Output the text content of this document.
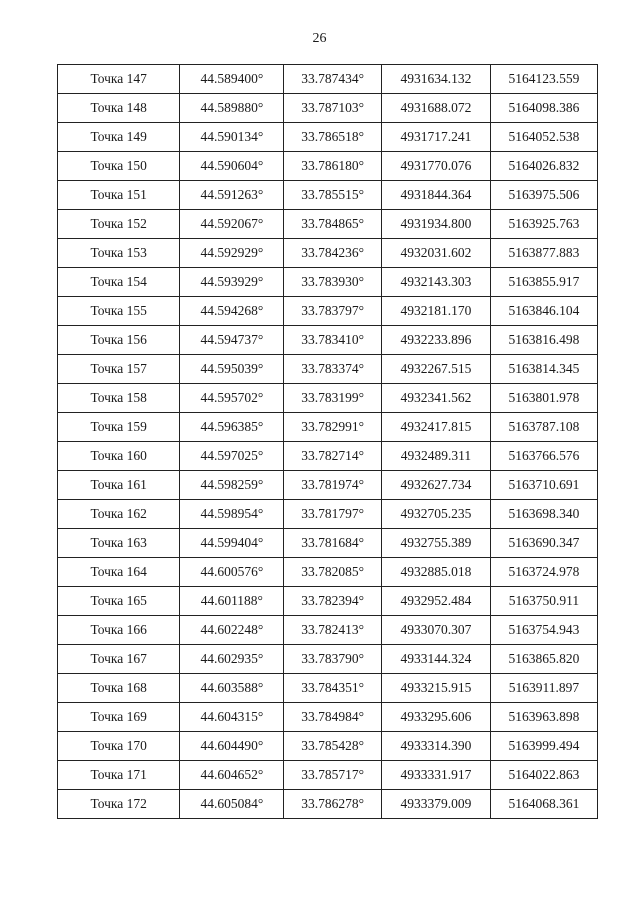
26
Точка 147	44.589400°	33.787434°	4931634.132	5164123.559
Точка 148	44.589880°	33.787103°	4931688.072	5164098.386
Точка 149	44.590134°	33.786518°	4931717.241	5164052.538
Точка 150	44.590604°	33.786180°	4931770.076	5164026.832
Точка 151	44.591263°	33.785515°	4931844.364	5163975.506
Точка 152	44.592067°	33.784865°	4931934.800	5163925.763
Точка 153	44.592929°	33.784236°	4932031.602	5163877.883
Точка 154	44.593929°	33.783930°	4932143.303	5163855.917
Точка 155	44.594268°	33.783797°	4932181.170	5163846.104
Точка 156	44.594737°	33.783410°	4932233.896	5163816.498
Точка 157	44.595039°	33.783374°	4932267.515	5163814.345
Точка 158	44.595702°	33.783199°	4932341.562	5163801.978
Точка 159	44.596385°	33.782991°	4932417.815	5163787.108
Точка 160	44.597025°	33.782714°	4932489.311	5163766.576
Точка 161	44.598259°	33.781974°	4932627.734	5163710.691
Точка 162	44.598954°	33.781797°	4932705.235	5163698.340
Точка 163	44.599404°	33.781684°	4932755.389	5163690.347
Точка 164	44.600576°	33.782085°	4932885.018	5163724.978
Точка 165	44.601188°	33.782394°	4932952.484	5163750.911
Точка 166	44.602248°	33.782413°	4933070.307	5163754.943
Точка 167	44.602935°	33.783790°	4933144.324	5163865.820
Точка 168	44.603588°	33.784351°	4933215.915	5163911.897
Точка 169	44.604315°	33.784984°	4933295.606	5163963.898
Точка 170	44.604490°	33.785428°	4933314.390	5163999.494
Точка 171	44.604652°	33.785717°	4933331.917	5164022.863
Точка 172	44.605084°	33.786278°	4933379.009	5164068.361
